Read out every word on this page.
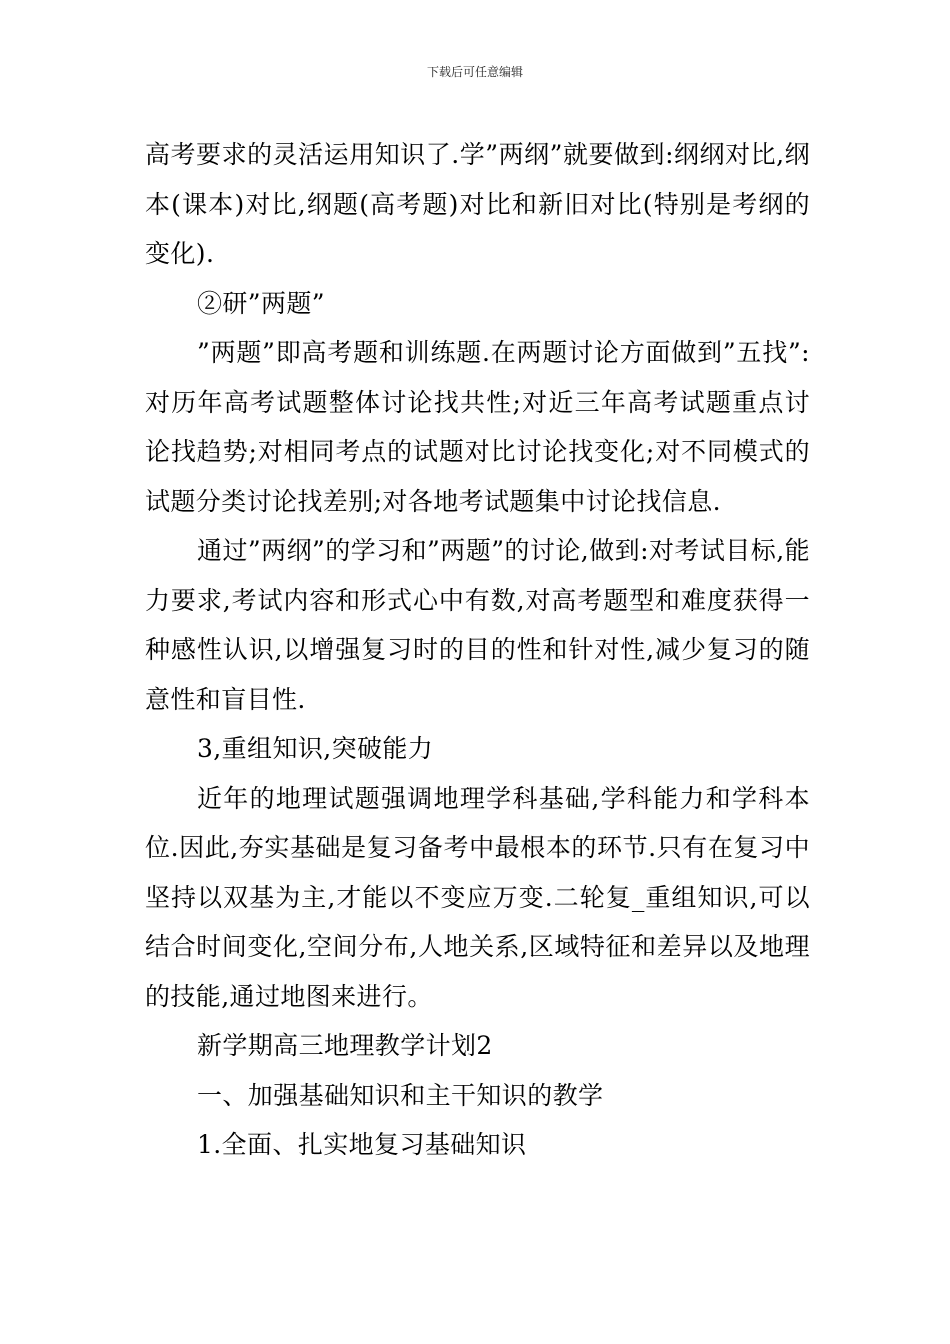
下载后可任意编辑

高考要求的灵活运用知识了.学”两纲”就要做到:纲纲对比,纲本(课本)对比,纲题(高考题)对比和新旧对比(特别是考纲的变化).

②研”两题”

”两题”即高考题和训练题.在两题讨论方面做到”五找”:对历年高考试题整体讨论找共性;对近三年高考试题重点讨论找趋势;对相同考点的试题对比讨论找变化;对不同模式的试题分类讨论找差别;对各地考试题集中讨论找信息.

通过”两纲”的学习和”两题”的讨论,做到:对考试目标,能力要求,考试内容和形式心中有数,对高考题型和难度获得一种感性认识,以增强复习时的目的性和针对性,减少复习的随意性和盲目性.

3,重组知识,突破能力

近年的地理试题强调地理学科基础,学科能力和学科本位.因此,夯实基础是复习备考中最根本的环节.只有在复习中坚持以双基为主,才能以不变应万变.二轮复_重组知识,可以结合时间变化,空间分布,人地关系,区域特征和差异以及地理的技能,通过地图来进行。

新学期高三地理教学计划2

一、加强基础知识和主干知识的教学

1.全面、扎实地复习基础知识
